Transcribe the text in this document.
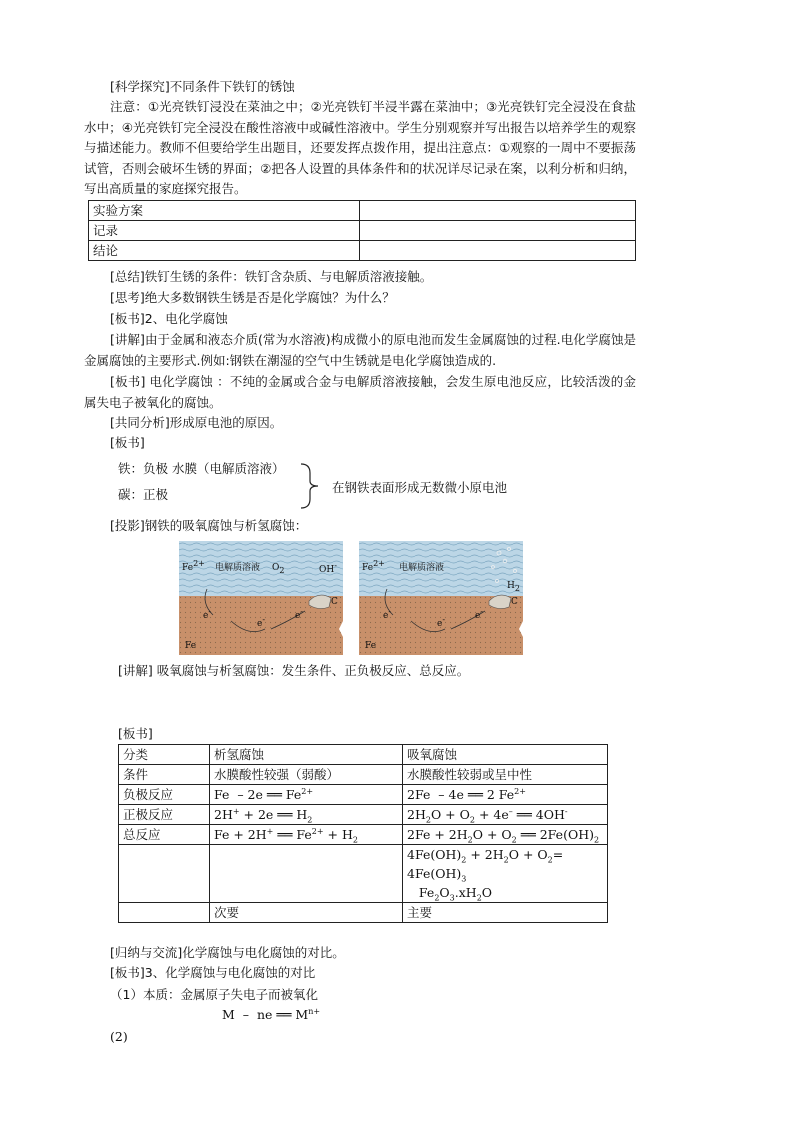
[科学探究]不同条件下铁钉的锈蚀
注意：①光亮铁钉浸没在菜油之中；②光亮铁钉半浸半露在菜油中；③光亮铁钉完全浸没在食盐水中；④光亮铁钉完全浸没在酸性溶液中或碱性溶液中。学生分别观察并写出报告以培养学生的观察与描述能力。教师不但要给学生出题目，还要发挥点拨作用，提出注意点：①观察的一周中不要振荡试管，否则会破坏生锈的界面；②把各人设置的具体条件和的状况详尽记录在案，以利分析和归纳，写出高质量的家庭探究报告。
实验方案	
记录	
结论	
[总结]铁钉生锈的条件：铁钉含杂质、与电解质溶液接触。
[思考]绝大多数钢铁生锈是否是化学腐蚀？为什么？
[板书]2、电化学腐蚀
[讲解]由于金属和液态介质(常为水溶液)构成微小的原电池而发生金属腐蚀的过程.电化学腐蚀是金属腐蚀的主要形式.例如:钢铁在潮湿的空气中生锈就是电化学腐蚀造成的.
[板书] 电化学腐蚀 ：不纯的金属或合金与电解质溶液接触，会发生原电池反应，比较活泼的金属失电子被氧化的腐蚀。
[共同分析]形成原电池的原因。
[板书]
铁：负极 水膜（电解质溶液）
碳：正极	在钢铁表面形成无数微小原电池
[投影]钢铁的吸氧腐蚀与析氢腐蚀：
$Fe^{2+}$ 电解质溶液 $O_2$	OH-
C
e-
e-	e-
Fe
$Fe^{2+}$ 电解质溶液
$H_2$
C
e-
e-	e-
Fe
[讲解] 吸氧腐蚀与析氢腐蚀：发生条件、正负极反应、总反应。
[板书]
分类	析氢腐蚀	吸氧腐蚀
条件	水膜酸性较强（弱酸）	水膜酸性较弱或呈中性
负极反应	Fe  – 2e ══ $Fe^{2+}$	2Fe  – 4e ══ 2 $Fe^{2+}$
正极反应	2H+ + 2e ══ $H_2$	$2H_2O + O_2 + 4e^-$ ══ 4OH-
总反应	Fe + 2H+ ══ $Fe^{2+} + H_2$	$2Fe + 2H_2O + O_2$ ══ $2Fe(OH)_2$
		$4Fe(OH)_2 + 2H_2O + O_2=$
$4Fe(OH)_3$
$Fe_2O_3.xH_2O$
	次要	主要
[归纳与交流]化学腐蚀与电化腐蚀的对比。
[板书]3、化学腐蚀与电化腐蚀的对比
（1）本质：金属原子失电子而被氧化
M  –  ne ══ $M^{n+}$
(2)
